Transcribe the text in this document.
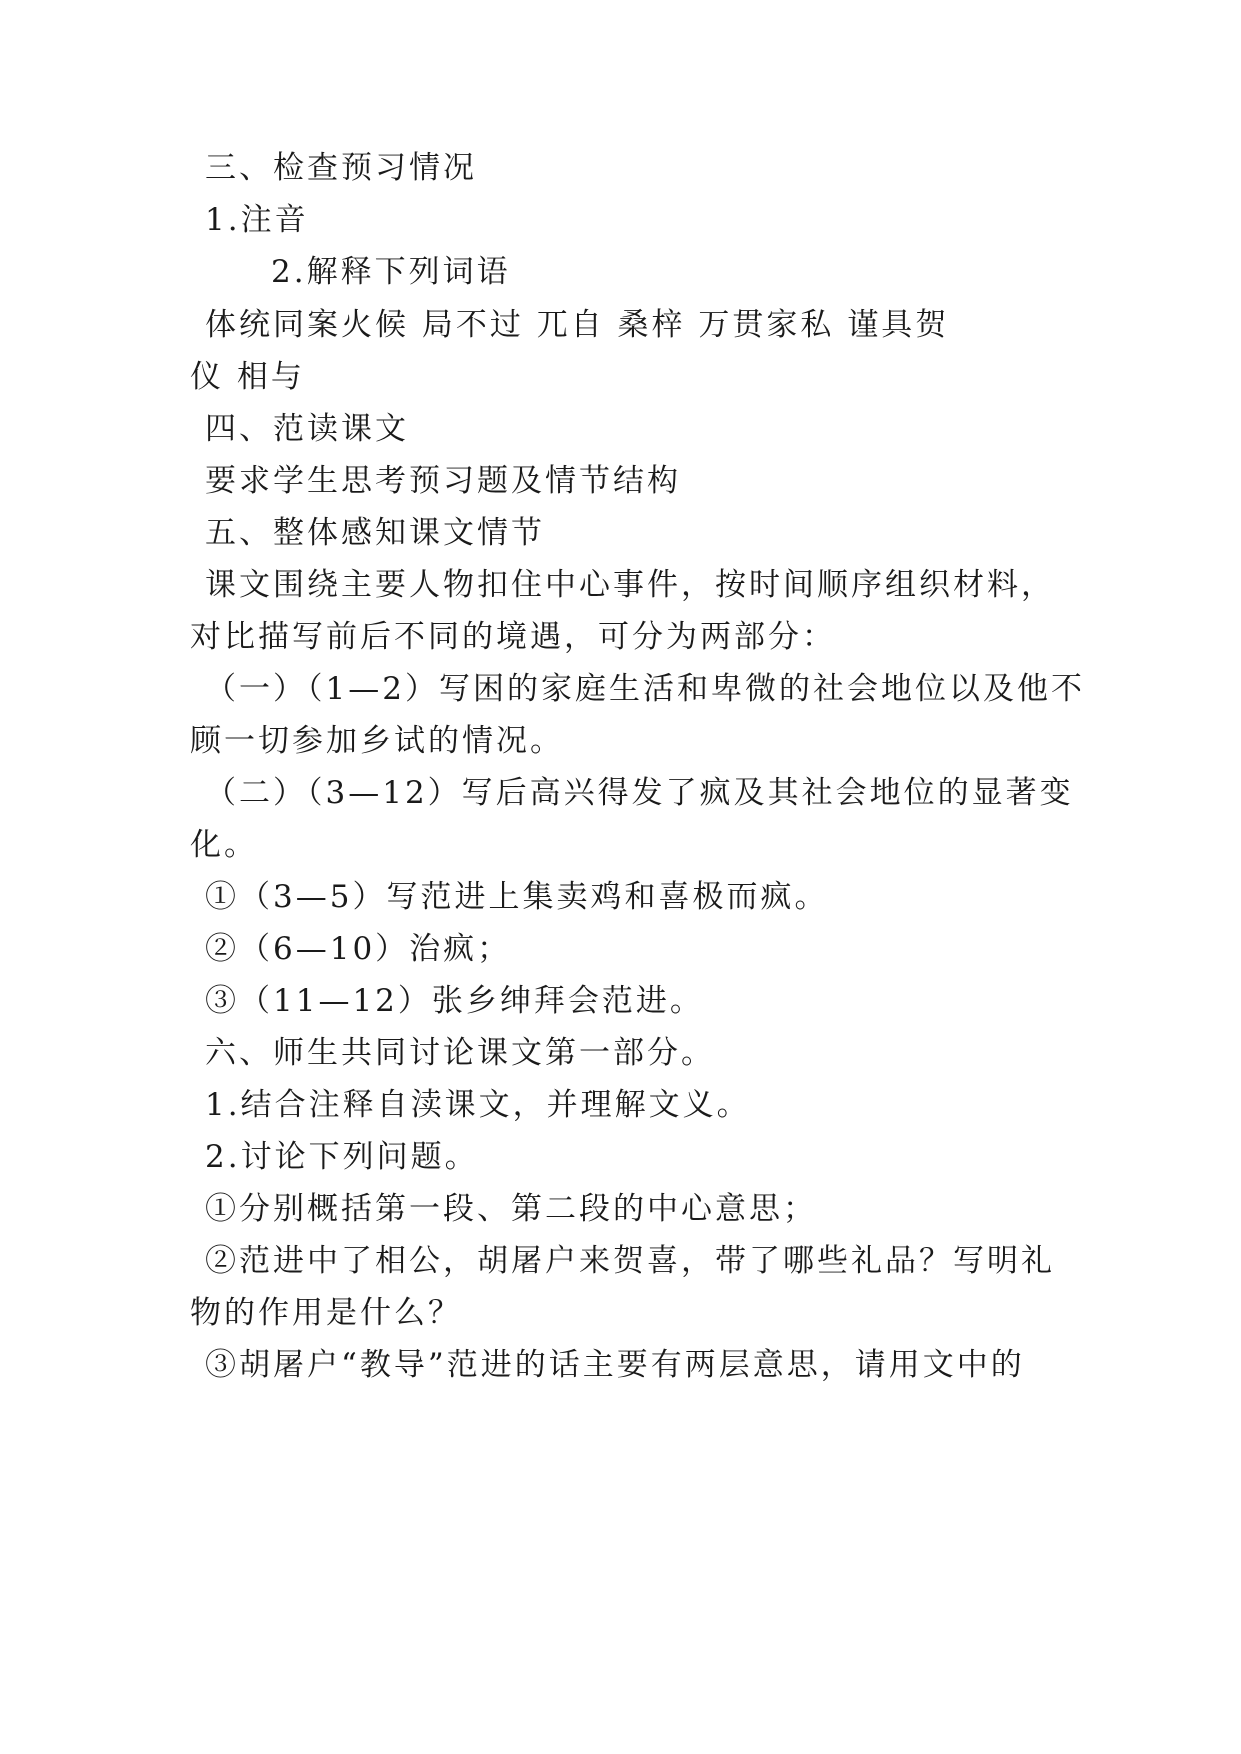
三、检查预习情况
1.注音
2.解释下列词语
体统同案火候 局不过 兀自 桑梓 万贯家私 谨具贺
仪 相与
四、范读课文
要求学生思考预习题及情节结构
五、整体感知课文情节
课文围绕主要人物扣住中心事件，按时间顺序组织材料，
对比描写前后不同的境遇，可分为两部分：
（一）（1—2）写困的家庭生活和卑微的社会地位以及他不
顾一切参加乡试的情况。
（二）（3—12）写后高兴得发了疯及其社会地位的显著变
化。
①（3—5）写范进上集卖鸡和喜极而疯。
②（6—10）治疯；
③（11—12）张乡绅拜会范进。
六、师生共同讨论课文第一部分。
1.结合注释自渎课文，并理解文义。
2.讨论下列问题。
①分别概括第一段、第二段的中心意思；
②范进中了相公，胡屠户来贺喜，带了哪些礼品？写明礼
物的作用是什么？
③胡屠户“教导”范进的话主要有两层意思，请用文中的
